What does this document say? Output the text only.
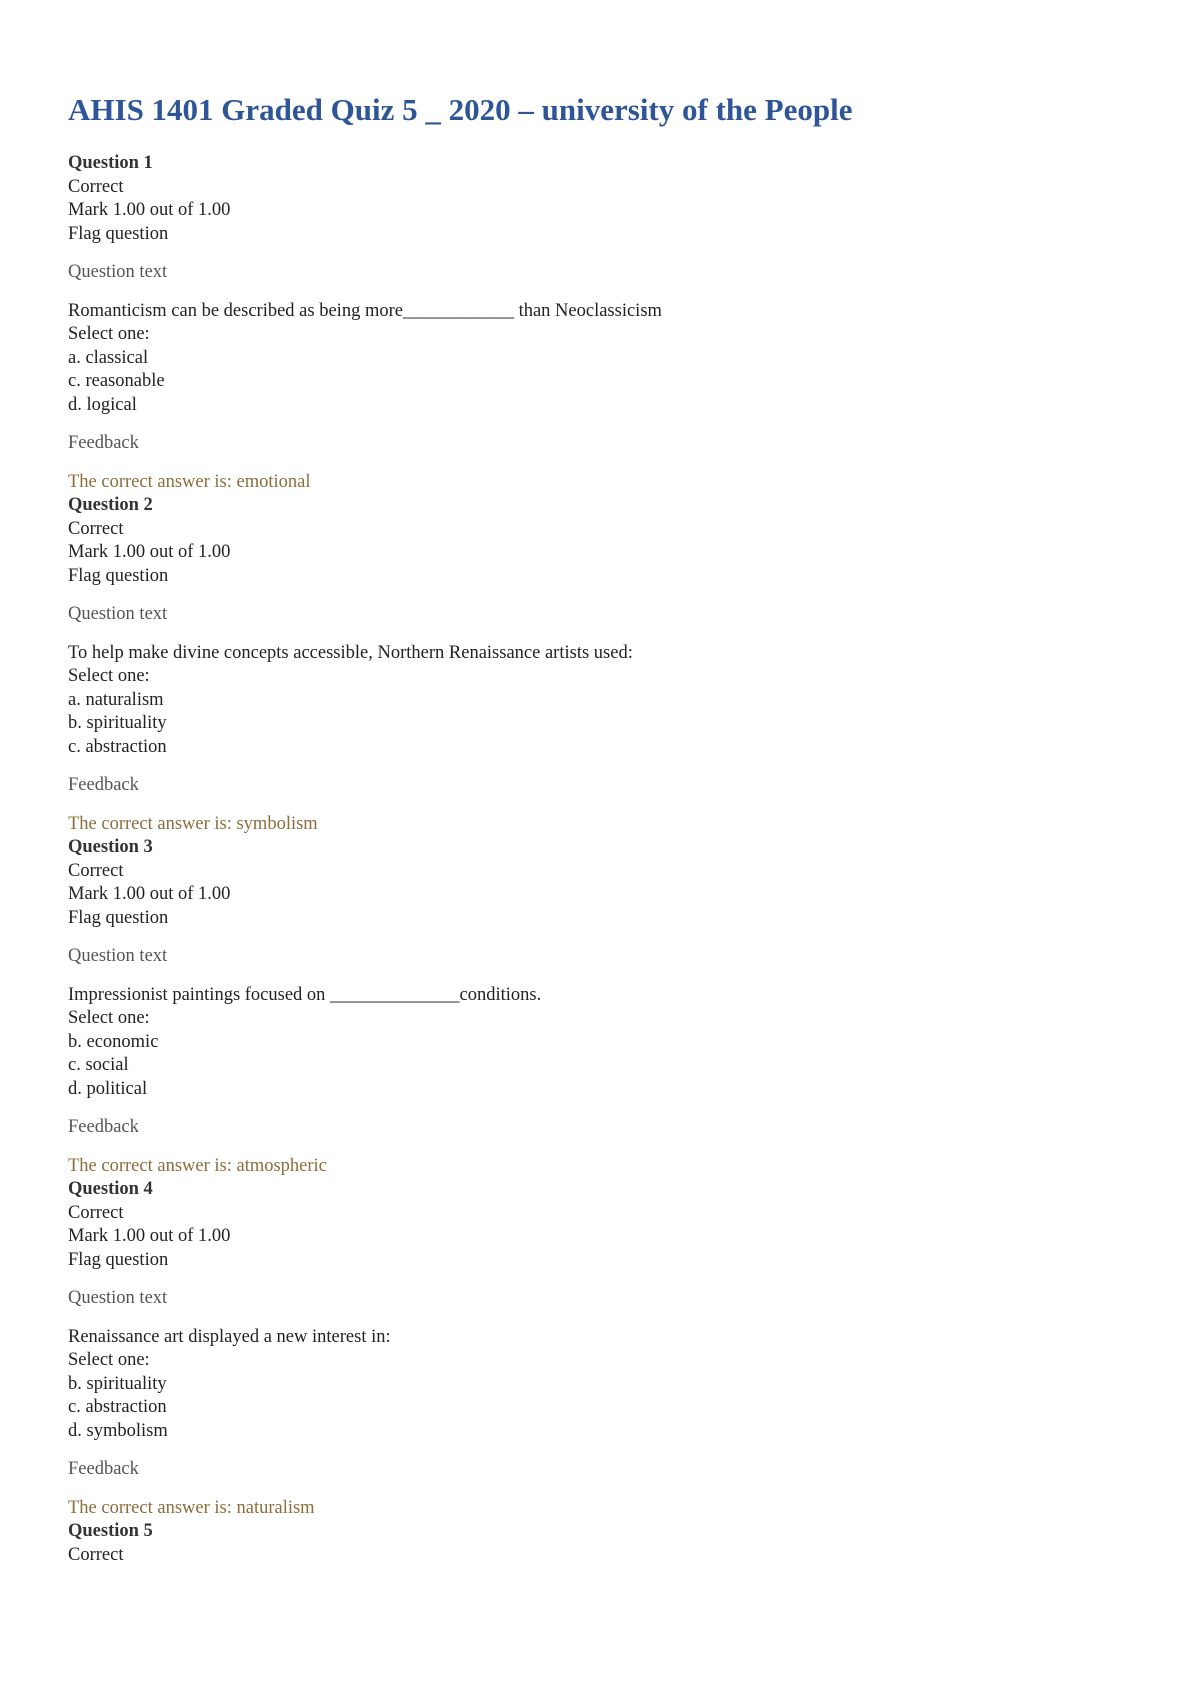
AHIS 1401 Graded Quiz 5 _ 2020 – university of the People
Question 1
Correct
Mark 1.00 out of 1.00
Flag question
Question text
Romanticism can be described as being more____________ than Neoclassicism
Select one:
a. classical
c. reasonable
d. logical
Feedback
The correct answer is: emotional
Question 2
Correct
Mark 1.00 out of 1.00
Flag question
Question text
To help make divine concepts accessible, Northern Renaissance artists used:
Select one:
a. naturalism
b. spirituality
c. abstraction
Feedback
The correct answer is: symbolism
Question 3
Correct
Mark 1.00 out of 1.00
Flag question
Question text
Impressionist paintings focused on ______________conditions.
Select one:
b. economic
c. social
d. political
Feedback
The correct answer is: atmospheric
Question 4
Correct
Mark 1.00 out of 1.00
Flag question
Question text
Renaissance art displayed a new interest in:
Select one:
b. spirituality
c. abstraction
d. symbolism
Feedback
The correct answer is: naturalism
Question 5
Correct
